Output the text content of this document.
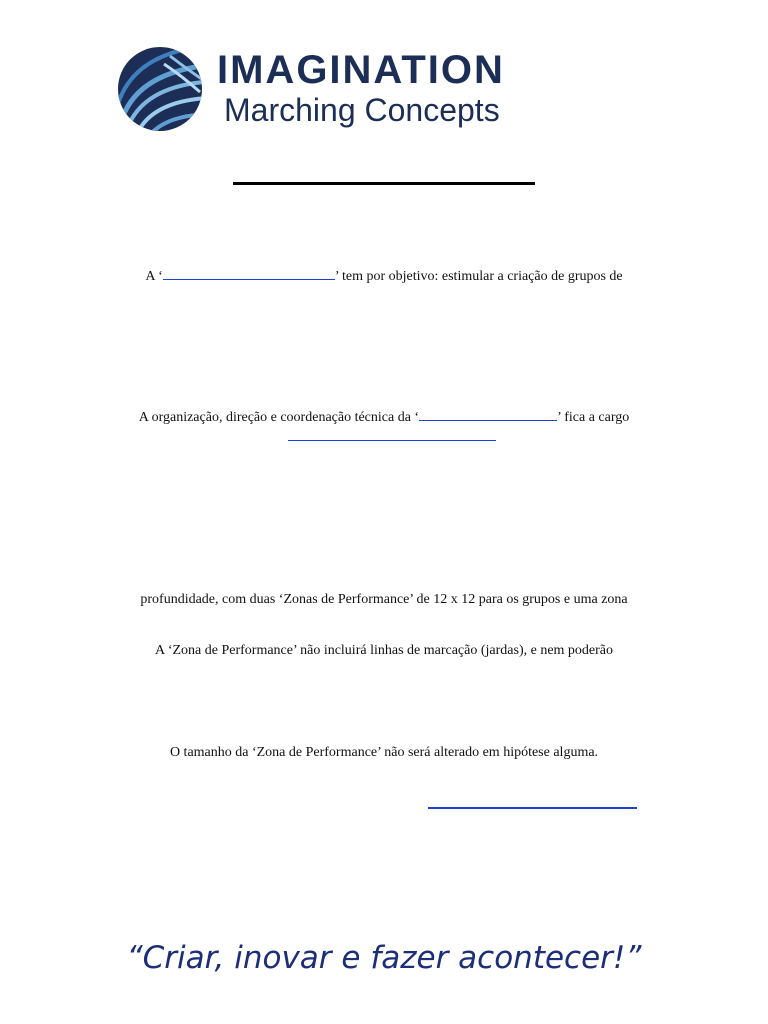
IMAGINATION
Marching Concepts
A ‘	’ tem por objetivo: estimular a criação de grupos de
A organização, direção e coordenação técnica da ‘	’ fica a cargo
profundidade, com duas ‘Zonas de Performance’ de 12 x 12 para os grupos e uma zona
A ‘Zona de Performance’ não incluirá linhas de marcação (jardas), e nem poderão
O tamanho da ‘Zona de Performance’ não será alterado em hipótese alguma.
“Criar, inovar e fazer acontecer!”
